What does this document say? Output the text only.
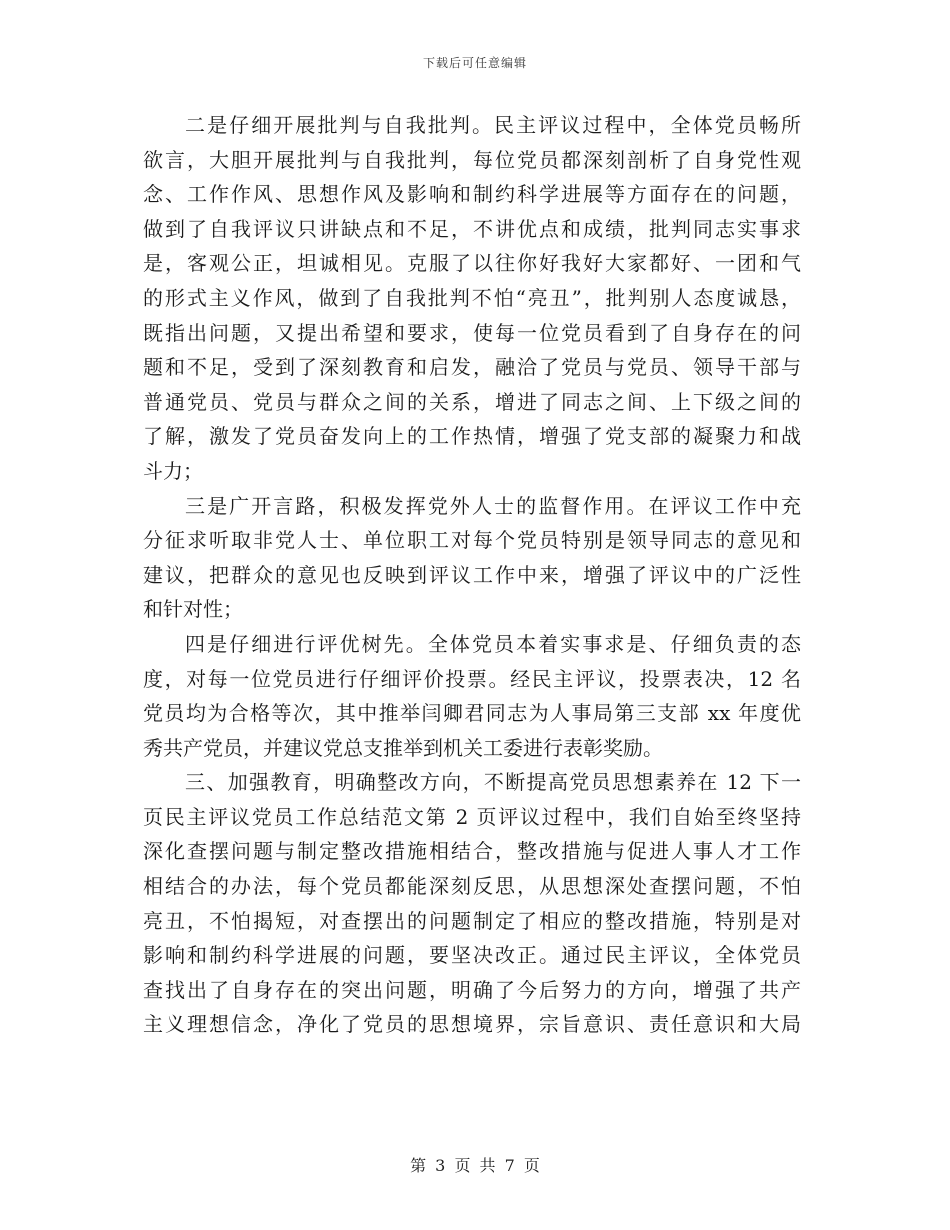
下载后可任意编辑
二是仔细开展批判与自我批判。民主评议过程中，全体党员畅所
欲言，大胆开展批判与自我批判，每位党员都深刻剖析了自身党性观
念、工作作风、思想作风及影响和制约科学进展等方面存在的问题，
做到了自我评议只讲缺点和不足，不讲优点和成绩，批判同志实事求
是，客观公正，坦诚相见。克服了以往你好我好大家都好、一团和气
的形式主义作风，做到了自我批判不怕“亮丑”，批判别人态度诚恳，
既指出问题，又提出希望和要求，使每一位党员看到了自身存在的问
题和不足，受到了深刻教育和启发，融洽了党员与党员、领导干部与
普通党员、党员与群众之间的关系，增进了同志之间、上下级之间的
了解，激发了党员奋发向上的工作热情，增强了党支部的凝聚力和战
斗力；
三是广开言路，积极发挥党外人士的监督作用。在评议工作中充
分征求听取非党人士、单位职工对每个党员特别是领导同志的意见和
建议，把群众的意见也反映到评议工作中来，增强了评议中的广泛性
和针对性；
四是仔细进行评优树先。全体党员本着实事求是、仔细负责的态
度，对每一位党员进行仔细评价投票。经民主评议，投票表决，12 名
党员均为合格等次，其中推举闫卿君同志为人事局第三支部 xx 年度优
秀共产党员，并建议党总支推举到机关工委进行表彰奖励。
三、加强教育，明确整改方向，不断提高党员思想素养在 12 下一
页民主评议党员工作总结范文第 2 页评议过程中，我们自始至终坚持
深化查摆问题与制定整改措施相结合，整改措施与促进人事人才工作
相结合的办法，每个党员都能深刻反思，从思想深处查摆问题，不怕
亮丑，不怕揭短，对查摆出的问题制定了相应的整改措施，特别是对
影响和制约科学进展的问题，要坚决改正。通过民主评议，全体党员
查找出了自身存在的突出问题，明确了今后努力的方向，增强了共产
主义理想信念，净化了党员的思想境界，宗旨意识、责任意识和大局
第 3 页 共 7 页
